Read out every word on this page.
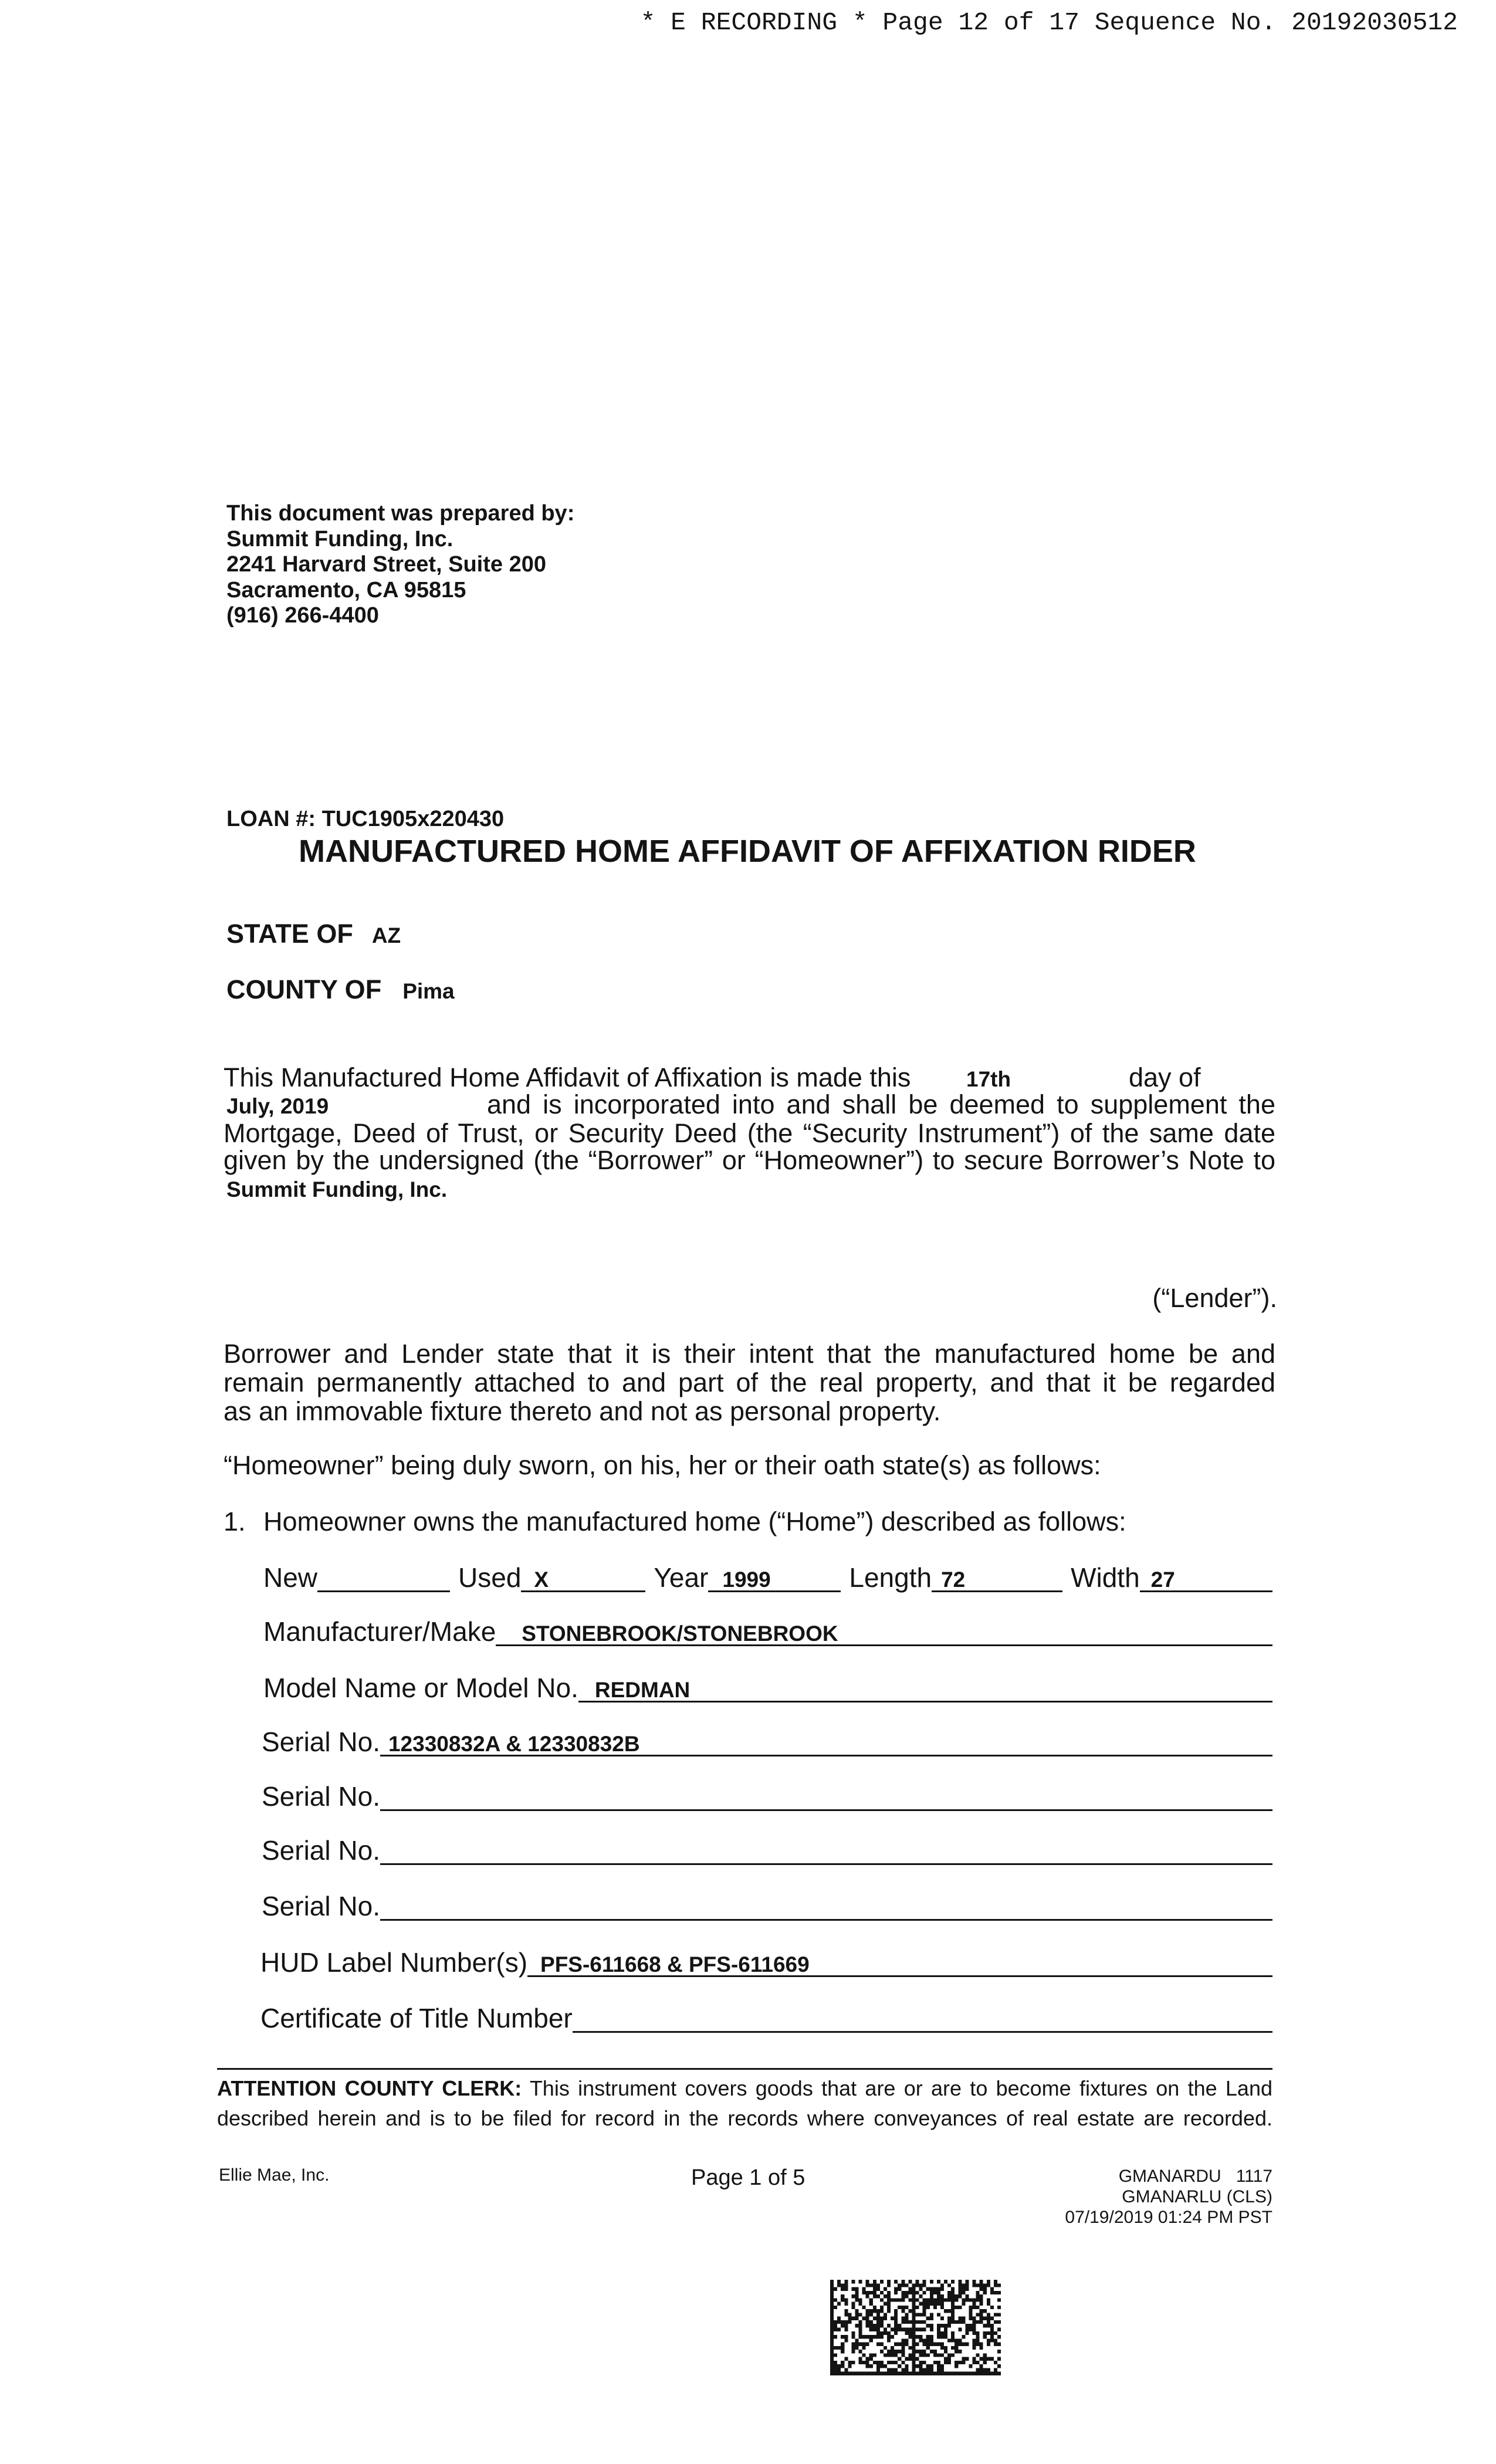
* E RECORDING * Page 12 of 17 Sequence No. 20192030512
This document was prepared by:
Summit Funding, Inc.
2241 Harvard Street, Suite 200
Sacramento, CA 95815
(916) 266-4400
LOAN #: TUC1905x220430
MANUFACTURED HOME AFFIDAVIT OF AFFIXATION RIDER
STATE OF AZ
COUNTY OF Pima
This Manufactured Home Affidavit of Affixation is made this	17th	day of
July, 2019	and is incorporated into and shall be deemed to supplement the
Mortgage, Deed of Trust, or Security Deed (the “Security Instrument”) of the same date
given by the undersigned (the “Borrower” or “Homeowner”) to secure Borrower’s Note to
Summit Funding, Inc.
(“Lender”).
Borrower and Lender state that it is their intent that the manufactured home be and
remain permanently attached to and part of the real property, and that it be regarded
as an immovable fixture thereto and not as personal property.
“Homeowner” being duly sworn, on his, her or their oath state(s) as follows:
1. Homeowner owns the manufactured home (“Home”) described as follows:
New
​	Used X ​	Year 1999 ​	Length 72 ​	Width 27 ​
Manufacturer/Make	STONEBROOK/STONEBROOK ​
Model Name or Model No. REDMAN ​
Serial No. 12330832A & 12330832B ​
Serial No.
​
Serial No.
​
Serial No.
​
HUD Label Number(s) PFS-611668 & PFS-611669 ​
Certificate of Title Number
​
ATTENTION COUNTY CLERK: This instrument covers goods that are or are to become fixtures on the Land
described herein and is to be filed for record in the records where conveyances of real estate are recorded.
Ellie Mae, Inc.	Page 1 of 5	GMANARDU   1117
GMANARLU (CLS)
07/19/2019 01:24 PM PST
